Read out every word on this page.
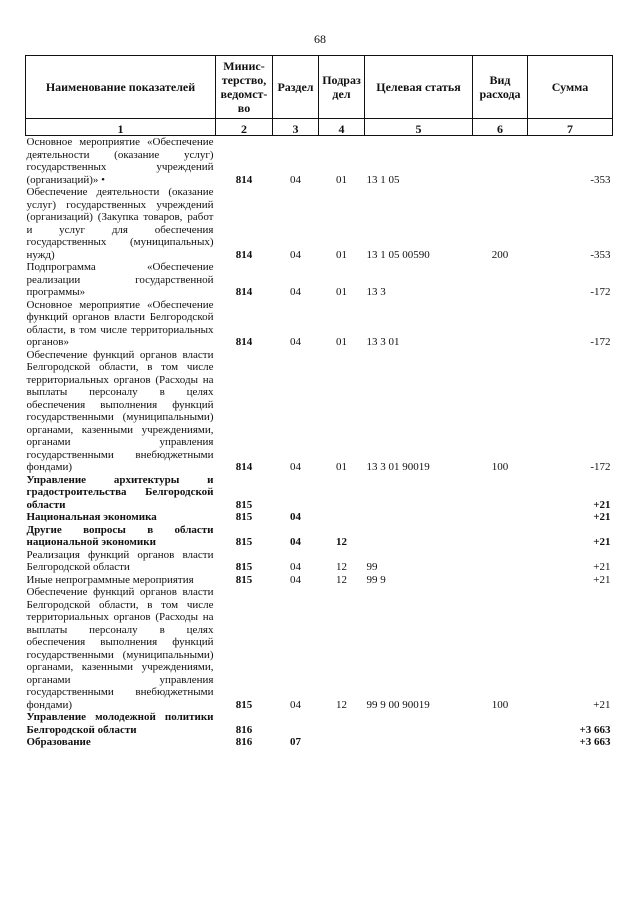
68
Наименование показателей	Минис-терство, ведомст-во	Раздел	Подраз дел	Целевая статья	Вид расхода	Сумма
1	2	3	4	5	6	7
Основное мероприятие «Обеспечение деятельности (оказание услуг) государственных учреждений (организаций)» •	814	04	01	13 1 05		-353
Обеспечение деятельности (оказание услуг) государственных учреждений (организаций) (Закупка товаров, работ и услуг для обеспечения государственных (муниципальных) нужд)	814	04	01	13 1 05 00590	200	-353
Подпрограмма «Обеспечение реализации государственной программы»	814	04	01	13 3		-172
Основное мероприятие «Обеспечение функций органов власти Белгородской области, в том числе территориальных органов»	814	04	01	13 3 01		-172
Обеспечение функций органов власти Белгородской области, в том числе территориальных органов (Расходы на выплаты персоналу в целях обеспечения выполнения функций государственными (муниципальными) органами, казенными учреждениями, органами управления государственными внебюджетными фондами)	814	04	01	13 3 01 90019	100	-172
Управление архитектуры и градостроительства Белгородской области	815					+21
Национальная экономика	815	04				+21
Другие вопросы в области национальной экономики	815	04	12			+21
Реализация функций органов власти Белгородской области	815	04	12	99		+21
Иные непрограммные мероприятия	815	04	12	99 9		+21
Обеспечение функций органов власти Белгородской области, в том числе территориальных органов (Расходы на выплаты персоналу в целях обеспечения выполнения функций государственными (муниципальными) органами, казенными учреждениями, органами управления государственными внебюджетными фондами)	815	04	12	99 9 00 90019	100	+21
Управление молодежной политики Белгородской области	816					+3 663
Образование	816	07				+3 663
